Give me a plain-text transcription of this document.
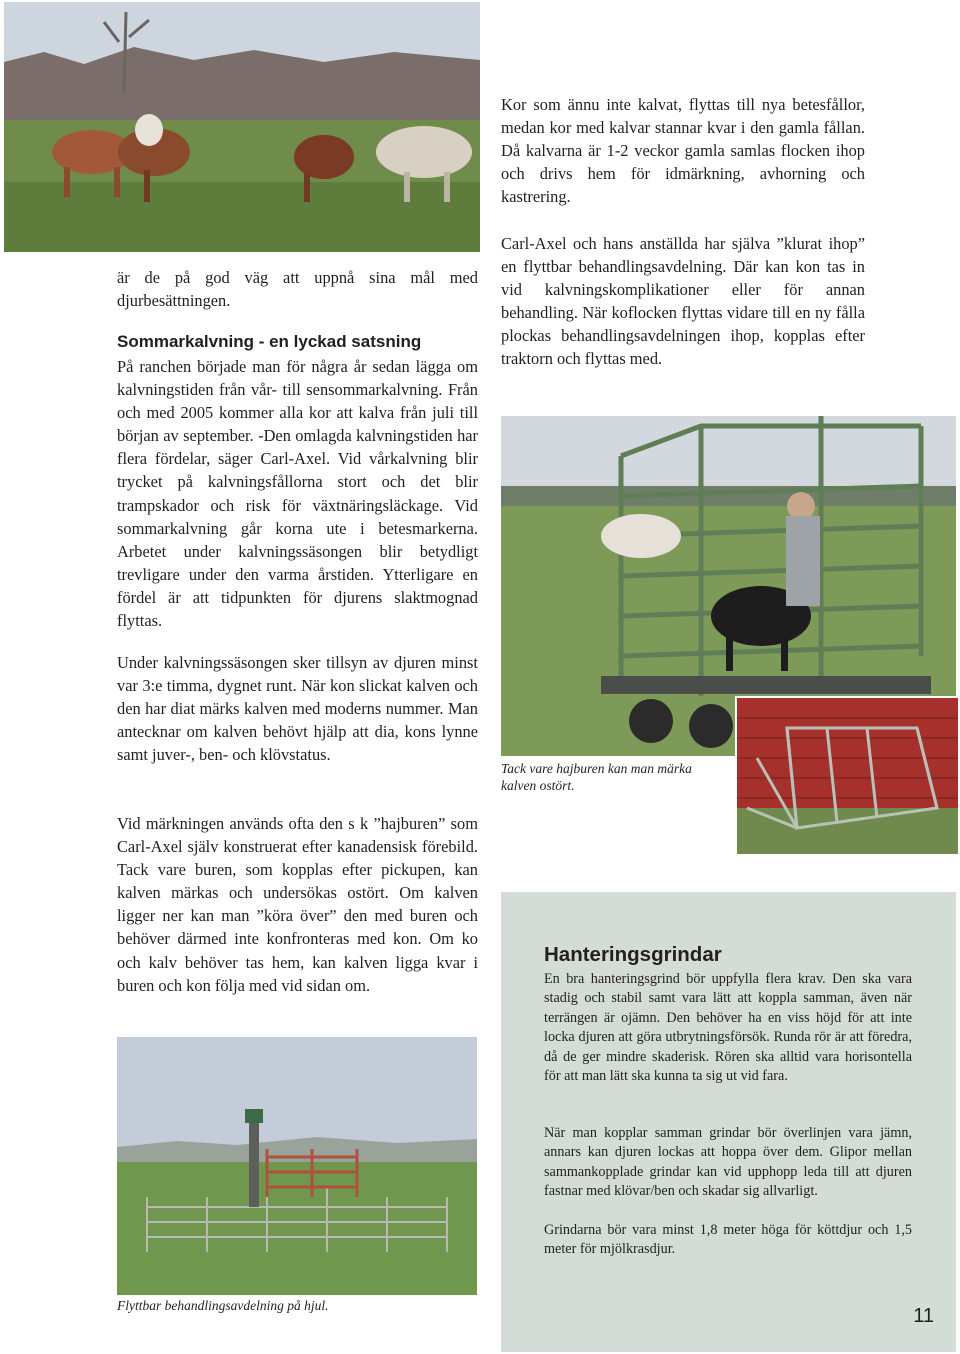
är de på god väg att uppnå sina mål med djurbesättningen.

Sommarkalvning - en lyckad satsning

På ranchen började man för några år sedan lägga om kalvningstiden från vår- till sensommarkalvning. Från och med 2005 kommer alla kor att kalva från juli till början av september. -Den omlagda kalvningstiden har flera fördelar, säger Carl-Axel. Vid vårkalvning blir trycket på kalvningsfållorna stort och det blir trampskador och risk för växtnäringsläckage. Vid sommarkalvning går korna ute i betesmarkerna. Arbetet under kalvningssäsongen blir betydligt trevligare under den varma årstiden. Ytterligare en fördel är att tidpunkten för djurens slaktmognad flyttas.

Under kalvningssäsongen sker tillsyn av djuren minst var 3:e timma, dygnet runt. När kon slickat kalven och den har diat märks kalven med moderns nummer. Man antecknar om kalven behövt hjälp att dia, kons lynne samt juver-, ben- och klövstatus.

Vid märkningen används ofta den s k ”hajburen” som Carl-Axel själv konstruerat efter kanadensisk förebild. Tack vare buren, som kopplas efter pickupen, kan kalven märkas och undersökas ostört. Om kalven ligger ner kan man ”köra över” den med buren och behöver därmed inte konfronteras med kon. Om ko och kalv behöver tas hem, kan kalven ligga kvar i buren och kon följa med vid sidan om.

Flyttbar behandlingsavdelning på hjul.

Kor som ännu inte kalvat, flyttas till nya betesfållor, medan kor med kalvar stannar kvar i den gamla fållan. Då kalvarna är 1-2 veckor gamla samlas flocken ihop och drivs hem för idmärkning, avhorning och kastrering.

Carl-Axel och hans anställda har själva ”klurat ihop” en flyttbar behandlingsavdelning. Där kan kon tas in vid kalvningskomplikationer eller för annan behandling. När koflocken flyttas vidare till en ny fålla plockas behandlingsavdelningen ihop, kopplas efter traktorn och flyttas med.

Tack vare hajburen kan man märka kalven ostört.

Hanteringsgrindar

En bra hanteringsgrind bör uppfylla flera krav. Den ska vara stadig och stabil samt vara lätt att koppla samman, även när terrängen är ojämn. Den behöver ha en viss höjd för att inte locka djuren att göra utbrytningsförsök. Runda rör är att föredra, då de ger mindre skaderisk. Rören ska alltid vara horisontella för att man lätt ska kunna ta sig ut vid fara.

När man kopplar samman grindar bör överlinjen vara jämn, annars kan djuren lockas att hoppa över dem. Glipor mellan sammankopplade grindar kan vid upphopp leda till att djuren fastnar med klövar/ben och skadar sig allvarligt.

Grindarna bör vara minst 1,8 meter höga för köttdjur och 1,5 meter för mjölkrasdjur.

11
